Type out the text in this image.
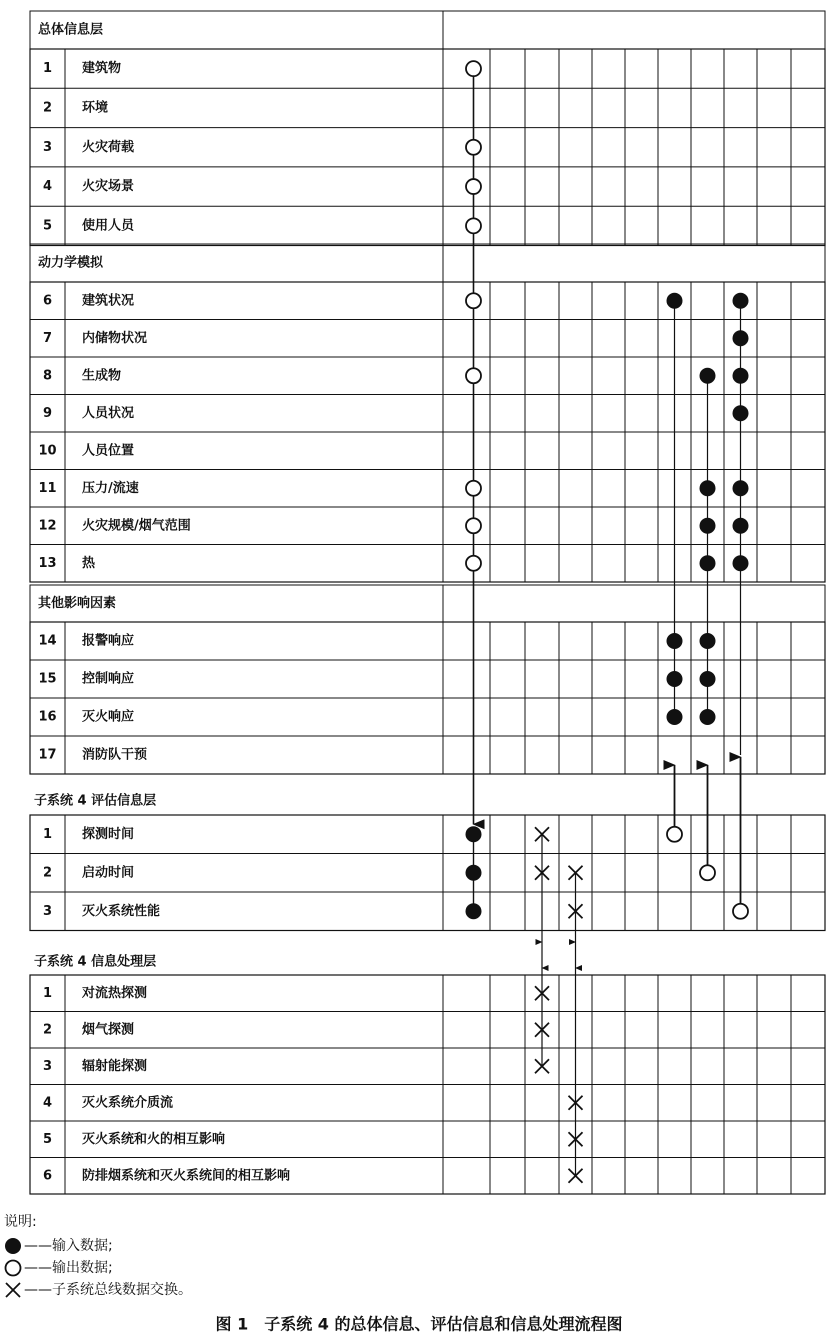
总体信息层
1 建筑物
2 环境
3 火灾荷载
4 火灾场景
5 使用人员
动力学模拟
6 建筑状况
7 内储物状况
8 生成物
9 人员状况
10 人员位置
11 压力/流速
12 火灾规模/烟气范围
13 热
其他影响因素
14 报警响应
15 控制响应
16 灭火响应
17 消防队干预
子系统 4 评估信息层
1 探测时间
2 启动时间
3 灭火系统性能
子系统 4 信息处理层
1 对流热探测
2 烟气探测
3 辐射能探测
4 灭火系统介质流
5 灭火系统和火的相互影响
6 防排烟系统和灭火系统间的相互影响
说明:
——输入数据;
——输出数据;
——子系统总线数据交换。
图 1　子系统 4 的总体信息、评估信息和信息处理流程图
